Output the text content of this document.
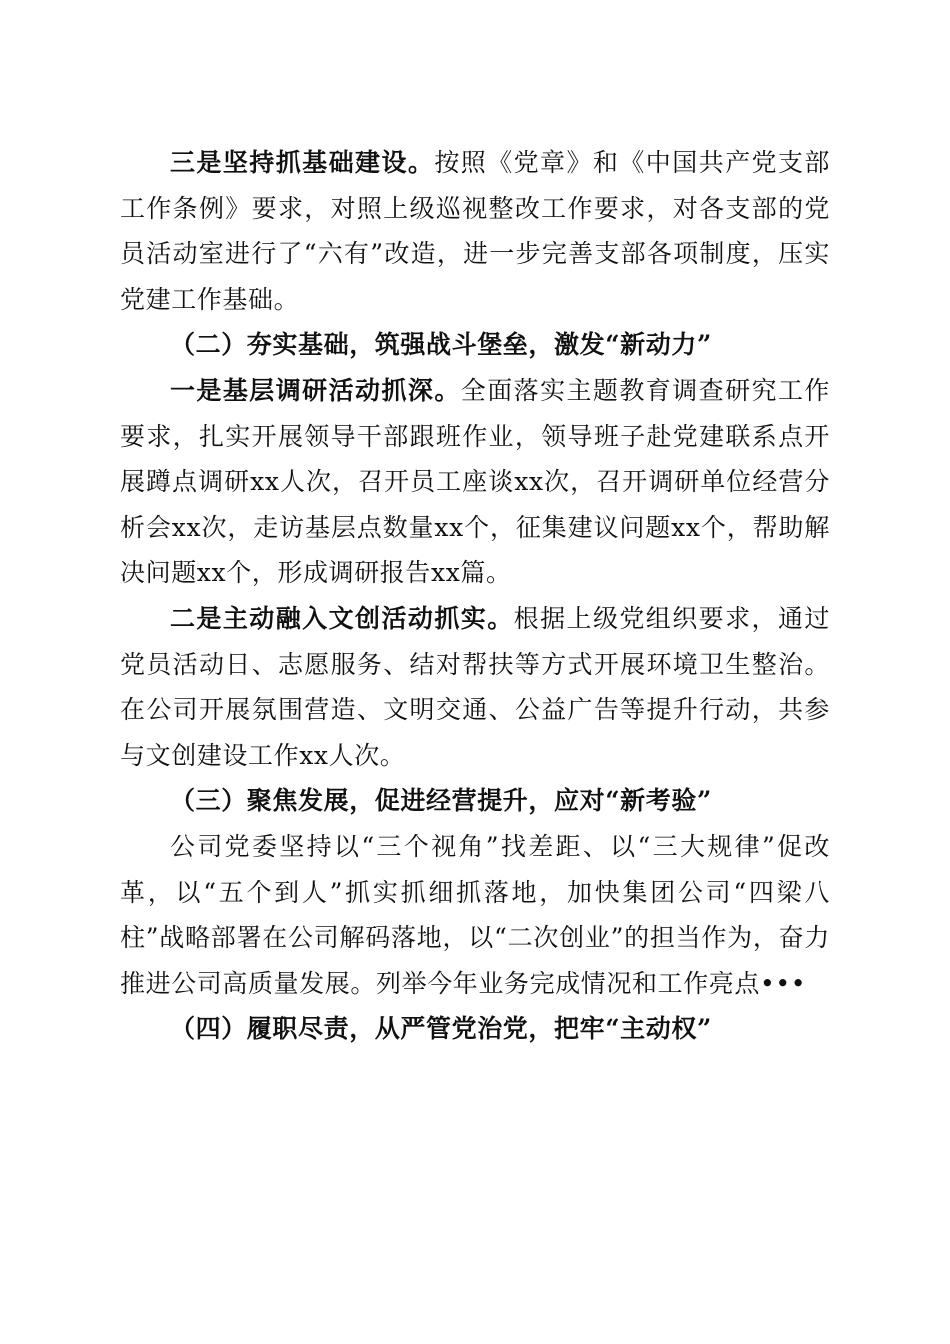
三是坚持抓基础建设。按照《党章》和《中国共产党支部工作条例》要求，对照上级巡视整改工作要求，对各支部的党员活动室进行了“六有”改造，进一步完善支部各项制度，压实党建工作基础。

（二）夯实基础，筑强战斗堡垒，激发“新动力”

一是基层调研活动抓深。全面落实主题教育调查研究工作要求，扎实开展领导干部跟班作业，领导班子赴党建联系点开展蹲点调研xx人次，召开员工座谈xx次，召开调研单位经营分析会xx次，走访基层点数量xx个，征集建议问题xx个，帮助解决问题xx个，形成调研报告xx篇。

二是主动融入文创活动抓实。根据上级党组织要求，通过党员活动日、志愿服务、结对帮扶等方式开展环境卫生整治。在公司开展氛围营造、文明交通、公益广告等提升行动，共参与文创建设工作xx人次。

（三）聚焦发展，促进经营提升，应对“新考验”

公司党委坚持以“三个视角”找差距、以“三大规律”促改革，以“五个到人”抓实抓细抓落地，加快集团公司“四梁八柱”战略部署在公司解码落地，以“二次创业”的担当作为，奋力推进公司高质量发展。列举今年业务完成情况和工作亮点•••

（四）履职尽责，从严管党治党，把牢“主动权”
